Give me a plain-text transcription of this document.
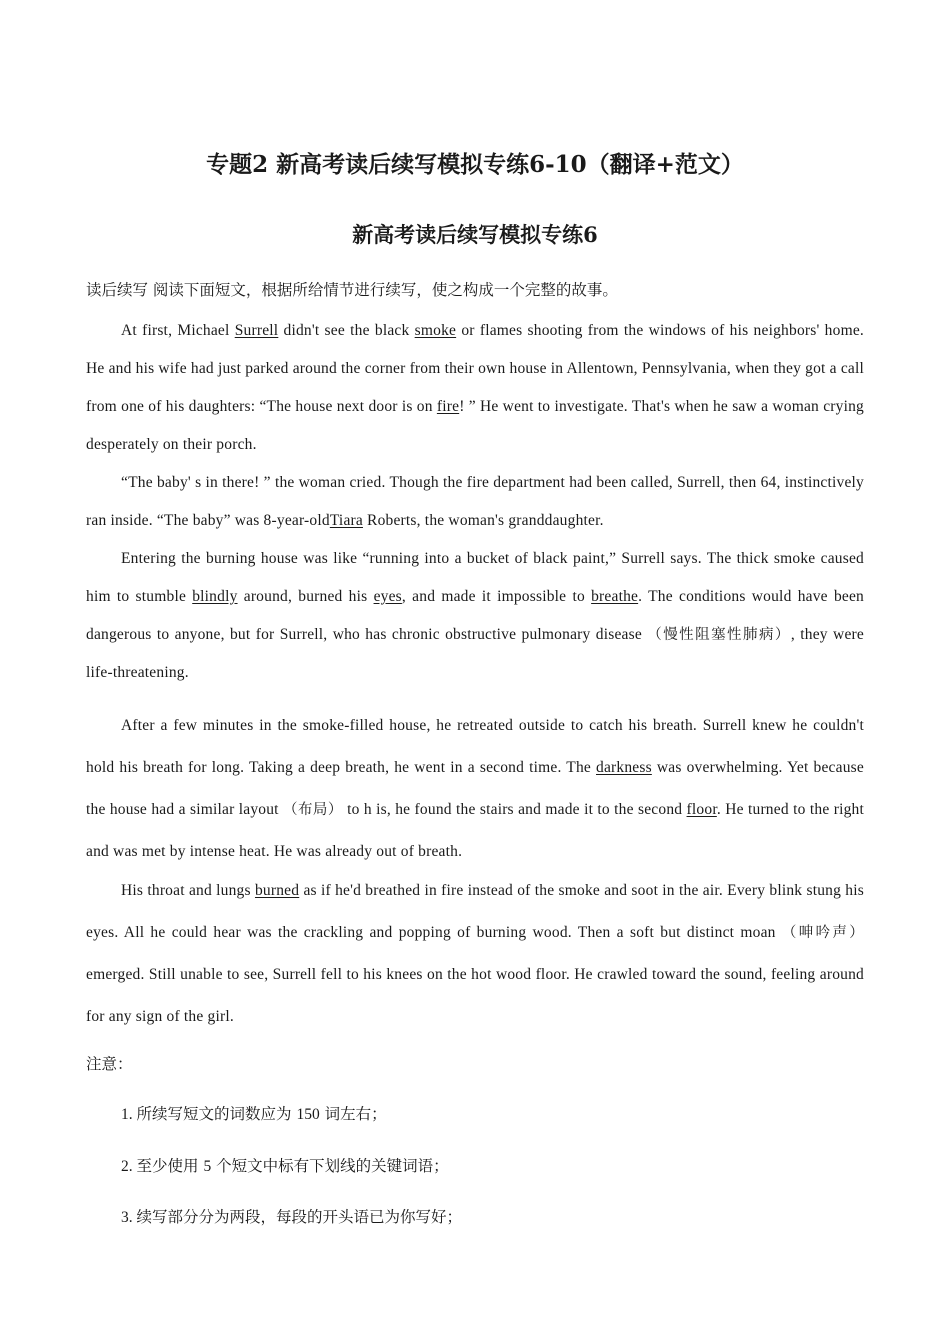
专题2 新高考读后续写模拟专练6-10（翻译+范文）
新高考读后续写模拟专练6
读后续写 阅读下面短文，根据所给情节进行续写，使之构成一个完整的故事。

At first, Michael Surrell didn't see the black smoke or flames shooting from the windows of his neighbors' home. He and his wife had just parked around the corner from their own house in Allentown, Pennsylvania, when they got a call from one of his daughters: “The house next door is on fire! ” He went to investigate. That's when he saw a woman crying desperately on their porch.

“The baby' s in there! ” the woman cried. Though the fire department had been called, Surrell, then 64, instinctively ran inside. “The baby” was 8-year-oldTiara Roberts, the woman's granddaughter.

Entering the burning house was like “running into a bucket of black paint,” Surrell says. The thick smoke caused him to stumble blindly around, burned his eyes, and made it impossible to breathe. The conditions would have been dangerous to anyone, but for Surrell, who has chronic obstructive pulmonary disease （慢性阻塞性肺病）, they were life-threatening.

After a few minutes in the smoke-filled house, he retreated outside to catch his breath. Surrell knew he couldn't hold his breath for long. Taking a deep breath, he went in a second time. The darkness was overwhelming. Yet because the house had a similar layout （布局） to h is, he found the stairs and made it to the second floor. He turned to the right and was met by intense heat. He was already out of breath.

His throat and lungs burned as if he'd breathed in fire instead of the smoke and soot in the air. Every blink stung his eyes. All he could hear was the crackling and popping of burning wood. Then a soft but distinct moan （呻吟声） emerged. Still unable to see, Surrell fell to his knees on the hot wood floor. He crawled toward the sound, feeling around for any sign of the girl.

注意：
1. 所续写短文的词数应为 150 词左右；
2. 至少使用 5 个短文中标有下划线的关键词语；
3. 续写部分分为两段，每段的开头语已为你写好；
